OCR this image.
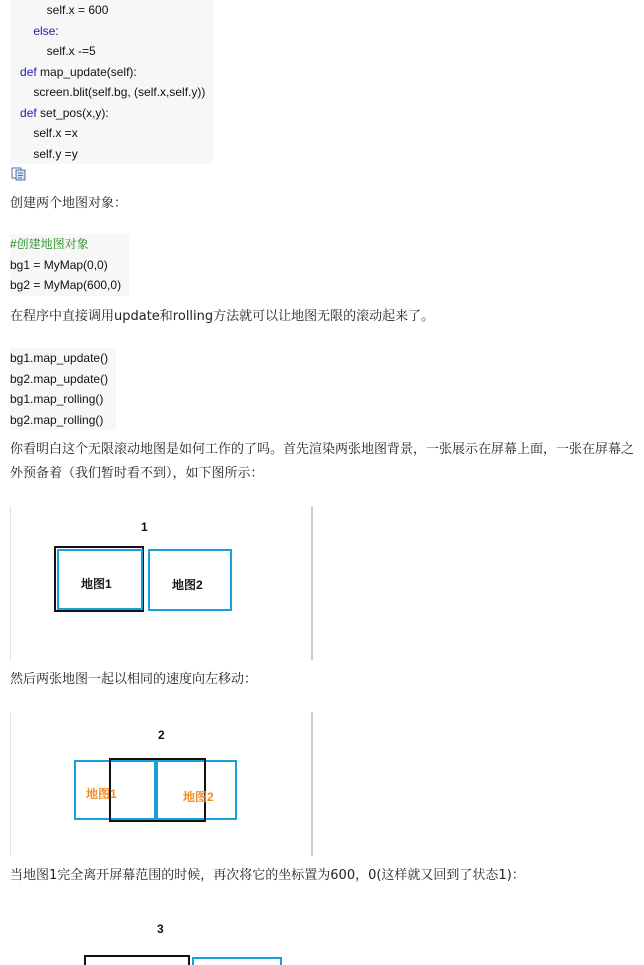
self.x = 600
else:
self.x -=5
def map_update(self):
screen.blit(self.bg, (self.x,self.y))
def set_pos(x,y):
self.x =x
self.y =y
创建两个地图对象：
#创建地图对象
bg1 = MyMap(0,0)
bg2 = MyMap(600,0)
在程序中直接调用update和rolling方法就可以让地图无限的滚动起来了。
bg1.map_update()
bg2.map_update()
bg1.map_rolling()
bg2.map_rolling()
你看明白这个无限滚动地图是如何工作的了吗。首先渲染两张地图背景，一张展示在屏幕上面，一张在屏幕之外预备着（我们暂时看不到），如下图所示：
1
地图1	地图2
然后两张地图一起以相同的速度向左移动：
2
地图1	地图2
当地图1完全离开屏幕范围的时候，再次将它的坐标置为600，0(这样就又回到了状态1)：
3
